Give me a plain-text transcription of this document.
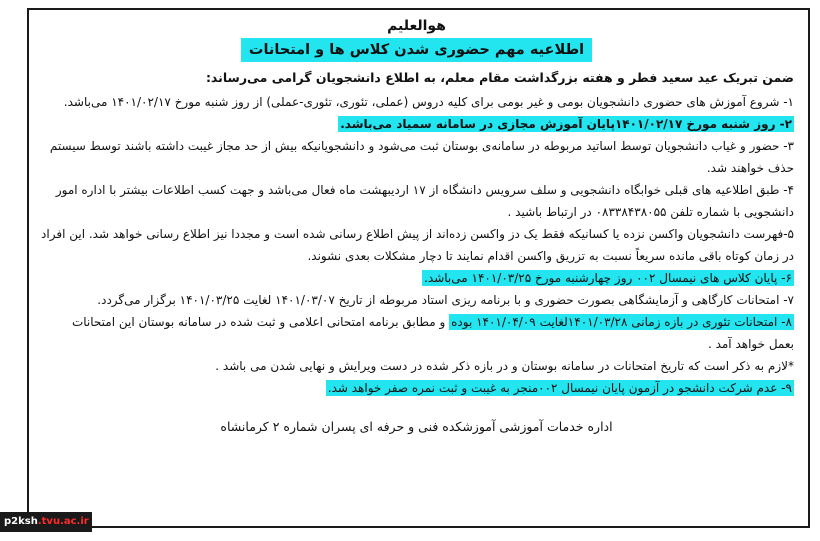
هوالعلیم
اطلاعیه مهم حضوری شدن کلاس ها و امتحانات
ضمن تبریک عید سعید فطر و هفته بزرگداشت مقام معلم، به اطلاع دانشجویان گرامی می‌رساند:

۱- شروع آموزش های حضوری دانشجویان بومی و غیر بومی برای کلیه دروس (عملی، تئوری، تئوری-عملی) از روز شنبه مورخ ۱۴۰۱/۰۲/۱۷ می‌باشد.

۲- روز شنبه مورخ ۱۴۰۱/۰۲/۱۷پایان آموزش مجازی در سامانه سمیاد می‌باشد.

۳- حضور و غیاب دانشجویان توسط اساتید مربوطه در سامانه‌ی بوستان ثبت می‌شود و دانشجویانیکه بیش از حد مجاز غیبت داشته باشند توسط سیستم
حذف خواهند شد.

۴- طبق اطلاعیه های قبلی خوابگاه دانشجویی و سلف سرویس دانشگاه از ۱۷ اردیبهشت ماه فعال می‌باشد و جهت کسب اطلاعات بیشتر با اداره امور
دانشجویی با شماره تلفن ۰۸۳۳۸۴۳۸۰۵۵ در ارتباط باشید .

۵-فهرست دانشجویان واکسن نزده یا کسانیکه فقط یک دز واکسن زده‌اند از پیش اطلاع رسانی شده است و مجددا نیز اطلاع رسانی خواهد شد. این افراد
در زمان کوتاه باقی مانده سریعاً نسبت به تزریق واکسن اقدام نمایند تا دچار مشکلات بعدی نشوند.

۶- پایان کلاس های نیمسال ۰۰۲ روز چهارشنبه مورخ ۱۴۰۱/۰۳/۲۵ می‌باشد.

۷- امتحانات کارگاهی و آزمایشگاهی بصورت حضوری و با برنامه ریزی استاد مربوطه از تاریخ ۱۴۰۱/۰۳/۰۷ لغایت ۱۴۰۱/۰۳/۲۵ برگزار می‌گردد.

۸- امتحانات تئوری در بازه زمانی ۱۴۰۱/۰۳/۲۸لغایت ۱۴۰۱/۰۴/۰۹ بوده و مطابق برنامه امتحانی اعلامی و ثبت شده در سامانه بوستان این امتحانات
بعمل خواهد آمد .

*لازم به ذکر است که تاریخ امتحانات در سامانه بوستان و در بازه ذکر شده در دست ویرایش و نهایی شدن می باشد .

۹- عدم شرکت دانشجو در آزمون پایان نیمسال ۰۰۲منجر به غیبت و ثبت نمره صفر خواهد شد.

اداره خدمات آموزشی آموزشکده فنی و حرفه ای پسران شماره ۲ کرمانشاه
p2ksh.tvu.ac.ir
